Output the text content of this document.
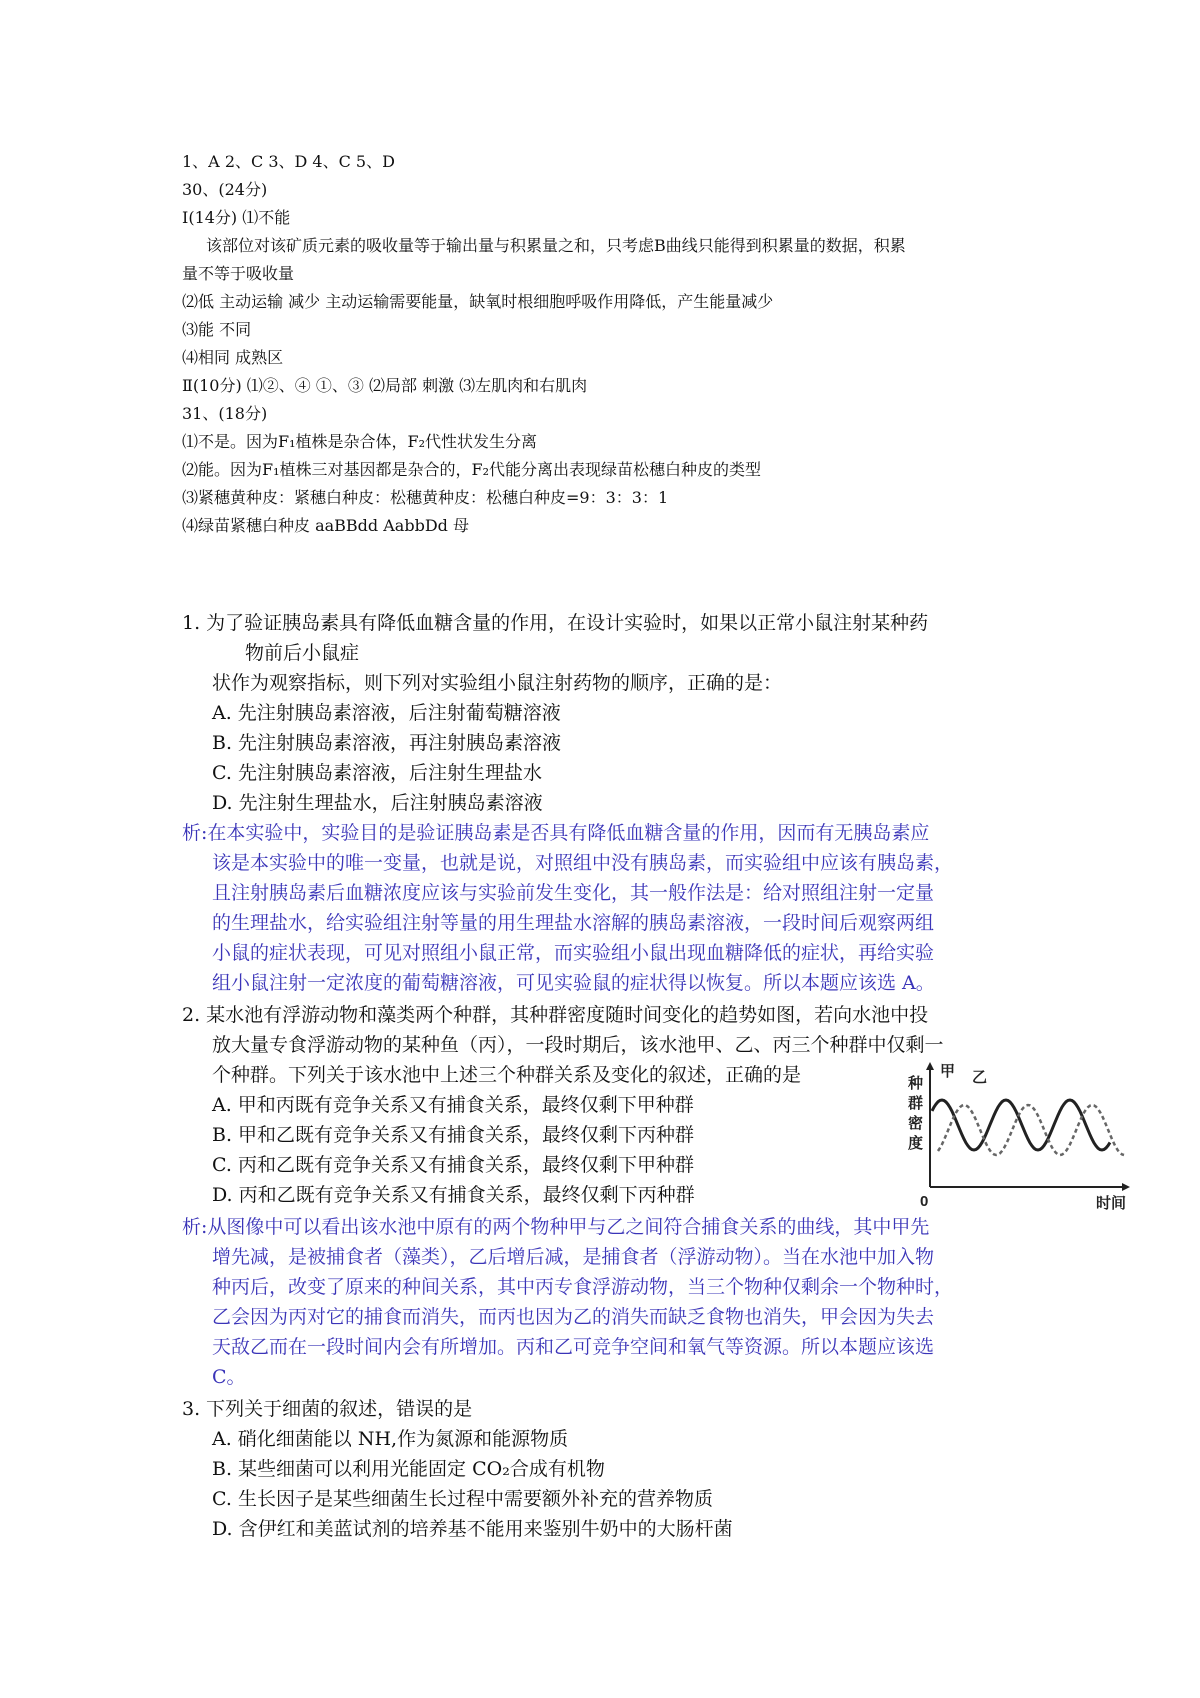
1、A 2、C 3、D 4、C 5、D
30、(24分)
Ⅰ(14分) ⑴不能
该部位对该矿质元素的吸收量等于输出量与积累量之和，只考虑B曲线只能得到积累量的数据，积累
量不等于吸收量
⑵低 主动运输 减少 主动运输需要能量，缺氧时根细胞呼吸作用降低，产生能量减少
⑶能 不同
⑷相同 成熟区
Ⅱ(10分) ⑴②、④ ①、③ ⑵局部 刺激 ⑶左肌肉和右肌肉
31、(18分)
⑴不是。因为F₁植株是杂合体，F₂代性状发生分离
⑵能。因为F₁植株三对基因都是杂合的，F₂代能分离出表现绿苗松穗白种皮的类型
⑶紧穗黄种皮：紧穗白种皮：松穗黄种皮：松穗白种皮=9：3：3：1
⑷绿苗紧穗白种皮 aaBBdd AabbDd 母
1. 为了验证胰岛素具有降低血糖含量的作用，在设计实验时，如果以正常小鼠注射某种药
物前后小鼠症
状作为观察指标，则下列对实验组小鼠注射药物的顺序，正确的是：
A. 先注射胰岛素溶液，后注射葡萄糖溶液
B. 先注射胰岛素溶液，再注射胰岛素溶液
C. 先注射胰岛素溶液，后注射生理盐水
D. 先注射生理盐水，后注射胰岛素溶液
析:在本实验中，实验目的是验证胰岛素是否具有降低血糖含量的作用，因而有无胰岛素应
该是本实验中的唯一变量，也就是说，对照组中没有胰岛素，而实验组中应该有胰岛素，
且注射胰岛素后血糖浓度应该与实验前发生变化，其一般作法是：给对照组注射一定量
的生理盐水，给实验组注射等量的用生理盐水溶解的胰岛素溶液，一段时间后观察两组
小鼠的症状表现，可见对照组小鼠正常，而实验组小鼠出现血糖降低的症状，再给实验
组小鼠注射一定浓度的葡萄糖溶液，可见实验鼠的症状得以恢复。所以本题应该选 A。
2. 某水池有浮游动物和藻类两个种群，其种群密度随时间变化的趋势如图，若向水池中投
放大量专食浮游动物的某种鱼（丙），一段时期后，该水池甲、乙、丙三个种群中仅剩一
个种群。下列关于该水池中上述三个种群关系及变化的叙述，正确的是
A. 甲和丙既有竞争关系又有捕食关系，最终仅剩下甲种群
B. 甲和乙既有竞争关系又有捕食关系，最终仅剩下丙种群
C. 丙和乙既有竞争关系又有捕食关系，最终仅剩下甲种群
D. 丙和乙既有竞争关系又有捕食关系，最终仅剩下丙种群
种
群
密
度
甲 乙
0	时间
析:从图像中可以看出该水池中原有的两个物种甲与乙之间符合捕食关系的曲线，其中甲先
增先减，是被捕食者（藻类），乙后增后减，是捕食者（浮游动物）。当在水池中加入物
种丙后，改变了原来的种间关系，其中丙专食浮游动物，当三个物种仅剩余一个物种时，
乙会因为丙对它的捕食而消失，而丙也因为乙的消失而缺乏食物也消失，甲会因为失去
天敌乙而在一段时间内会有所增加。丙和乙可竞争空间和氧气等资源。所以本题应该选
C。
3. 下列关于细菌的叙述，错误的是
A. 硝化细菌能以 NH,作为氮源和能源物质
B. 某些细菌可以利用光能固定 CO₂合成有机物
C. 生长因子是某些细菌生长过程中需要额外补充的营养物质
D. 含伊红和美蓝试剂的培养基不能用来鉴别牛奶中的大肠杆菌
